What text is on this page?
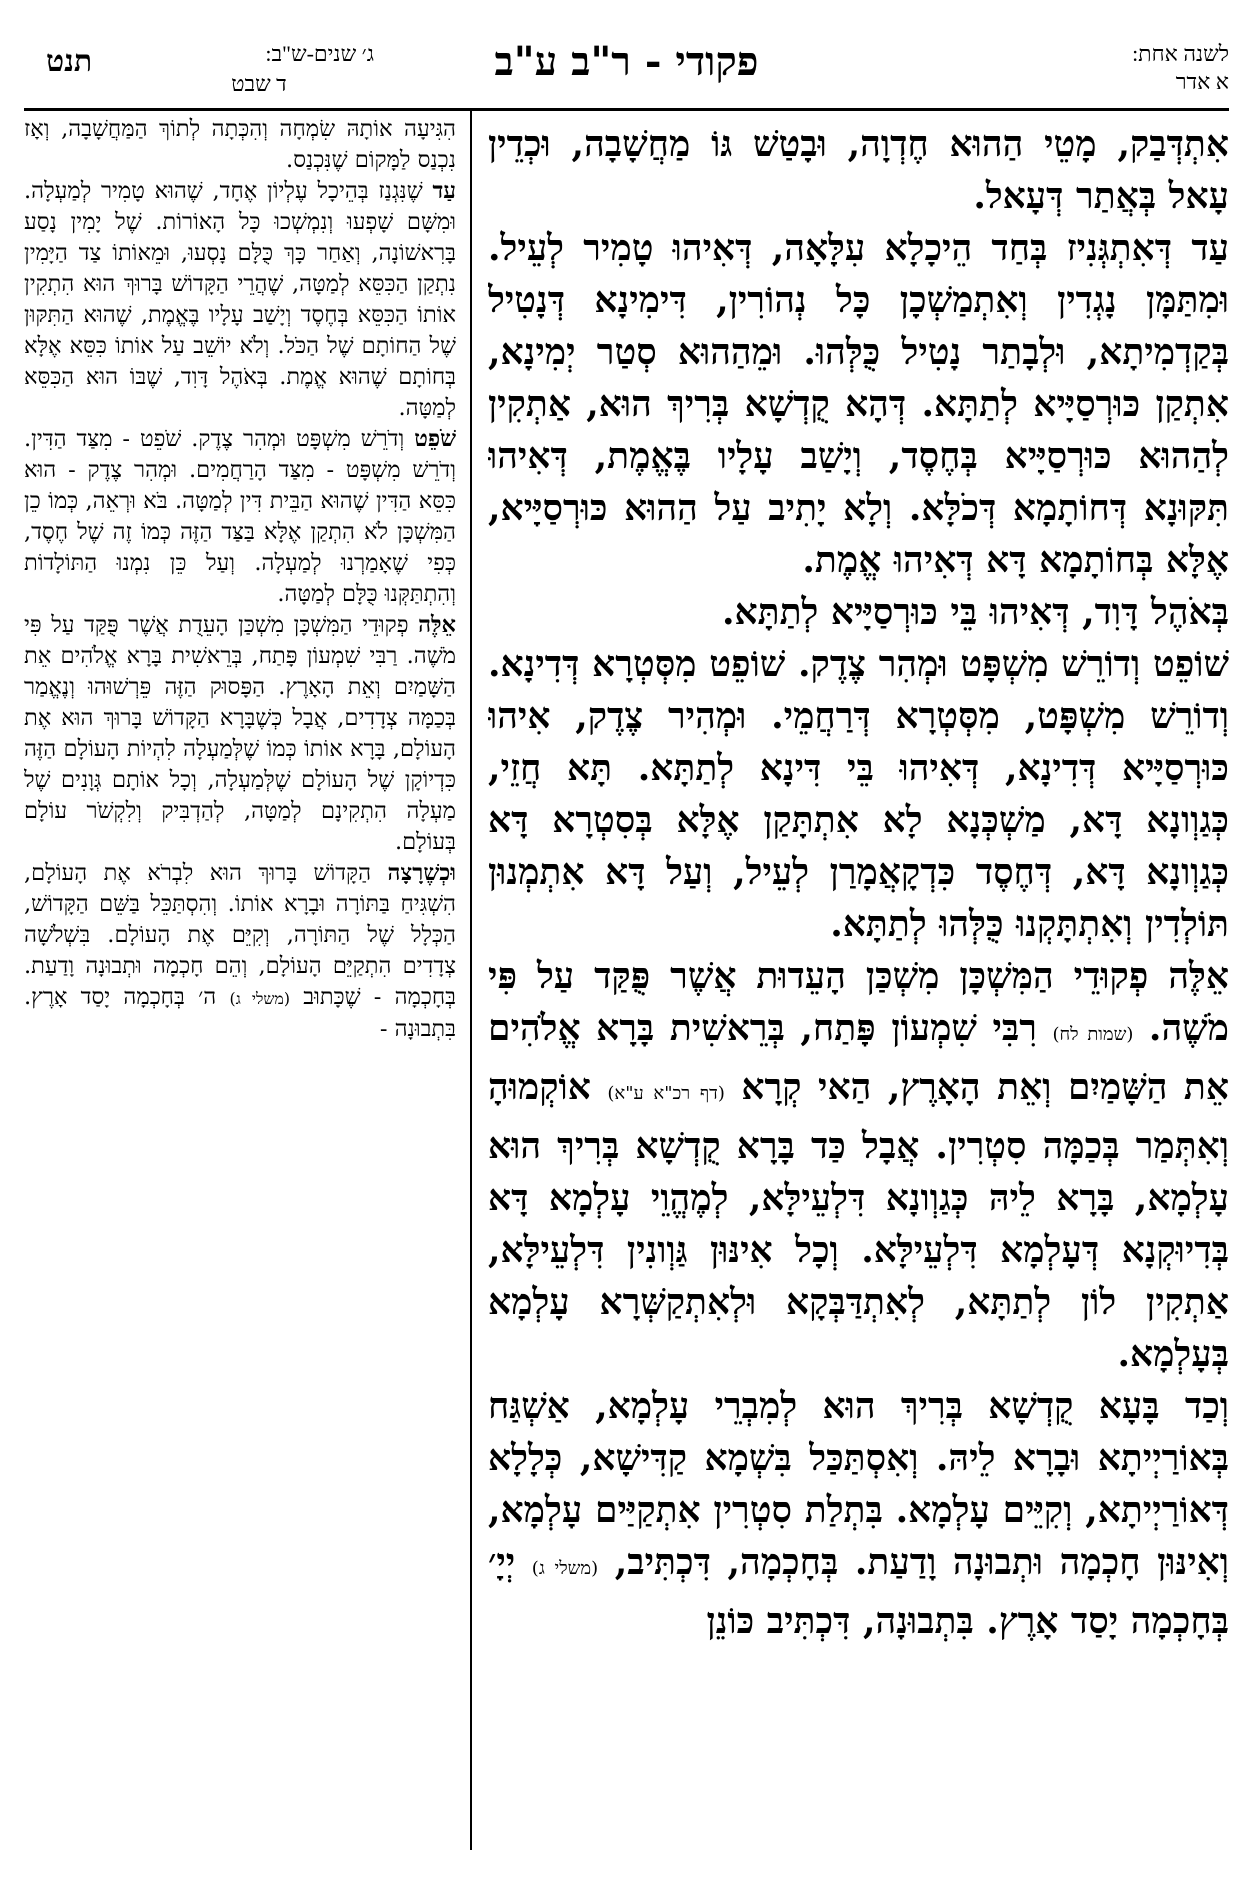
לשנה אחת:
א אדר
פקודי - ר"ב ע"ב
ג׳ שנים-ש"ב:
ד שבט
תנט

אִתְדְּבַק, מָטֵי הַהוּא חֶדְוָה, וּבָטַשׁ גּוֹ מַחֲשָׁבָה, וּכְדֵין עָאל בְּאֲתַר דְּעָאל.

עַד דְּאִתְגְּנִיז בְּחַד הֵיכָלָא עִלָּאָה, דְּאִיהוּ טָמִיר לְעֵיל. וּמִתַּמָּן נָגְדִין וְאִתְמַשְׁכָן כָּל נְהוֹרִין, דִּימִינָא דְּנָטִיל בְּקַדְמִיתָא, וּלְבָתַר נָטִיל כֻּלְּהוּ. וּמֵהַהוּא סְטַר יְמִינָא, אִתְקַן כּוּרְסַיָּיא לְתַתָּא. דְּהָא קֻדְשָׁא בְּרִיךְ הוּא, אַתְקִין לְהַהוּא כּוּרְסַיָּיא בְּחֶסֶד, וְיָשַׁב עָלָיו בֶּאֱמֶת, דְּאִיהוּ תִּקּוּנָא דְּחוֹתָמָא דְּכֹלָּא. וְלָא יָתִיב עַל הַהוּא כּוּרְסַיָּיא, אֶלָּא בְּחוֹתָמָא דָּא דְּאִיהוּ אֱמֶת.

בְּאֹהֶל דָּוִד, דְּאִיהוּ בֵּי כּוּרְסַיָּיא לְתַתָּא.

שׁוֹפֵט וְדוֹרֵשׁ מִשְׁפָּט וּמְהִר צֶדֶק. שׁוֹפֵט מִסְּטְרָא דְּדִינָא. וְדוֹרֵשׁ מִשְׁפָּט, מִסְּטְרָא דְּרַחֲמֵי. וּמְהִיר צֶדֶק, אִיהוּ כּוּרְסַיָּיא דְּדִינָא, דְּאִיהוּ בֵּי דִּינָא לְתַתָּא. תָּא חֲזֵי, כְּגַוְונָא דָּא, מַשְׁכְּנָא לָא אִתְתָּקַן אֶלָּא בְּסִטְרָא דָּא כְּגַוְונָא דָּא, דְּחֶסֶד כִּדְקָאֲמָרַן לְעֵיל, וְעַל דָּא אִתְמְנוּן תּוֹלְדִין וְאִתְתָּקְנוּ כֻּלְּהוּ לְתַתָּא.

אֵלֶּה פְקוּדֵי הַמִּשְׁכָּן מִשְׁכַּן הָעֵדוּת אֲשֶׁר פֻּקַּד עַל פִּי מֹשֶׁה. (שמות לח) רִבִּי שִׁמְעוֹן פָּתַח, בְּרֵאשִׁית בָּרָא אֱלֹהִים אֵת הַשָּׁמַיִם וְאֵת הָאָרֶץ, הַאי קְרָא (דף רכ"א ע"א) אוֹקְמוּהָ וְאִתְּמַר בְּכַמָּה סִטְרִין. אֲבָל כַּד בָּרָא קֻדְשָׁא בְּרִיךְ הוּא עָלְמָא, בָּרָא לֵיהּ כְּגַוְונָא דִּלְעֵילָּא, לְמֶהֱוֵי עָלְמָא דָּא בְּדִיוּקְנָא דְּעָלְמָא דִּלְעֵילָּא. וְכָל אִינּוּן גַּוְונִין דִּלְעֵילָּא, אַתְקִין לוֹן לְתַתָּא, לְאִתְדַּבְּקָא וּלְאִתְקַשְּׁרָא עָלְמָא בְּעָלְמָא.

וְכַד בָּעָא קֻדְשָׁא בְּרִיךְ הוּא לְמִבְרֵי עָלְמָא, אַשְׁגַּח בְּאוֹרַיְיתָא וּבָרָא לֵיהּ. וְאִסְתַּכַּל בִּשְׁמָא קַדִּישָׁא, כְּלָלָא דְּאוֹרַיְיתָא, וְקִיֵּים עָלְמָא. בִּתְלַת סִטְרִין אִתְקַיַּים עָלְמָא, וְאִינּוּן חָכְמָה וּתְבוּנָה וָדַעַת. בְּחָכְמָה, דִּכְתִּיב, (משלי ג) יְיָ׳ בְּחָכְמָה יָסַד אָרֶץ. בִּתְבוּנָה, דִּכְתִּיב כּוֹנֵן

הִגִּיעָה אוֹתָהּ שִׂמְחָה וְהִכְּתָה לְתוֹךְ הַמַּחֲשָׁבָה, וְאָז נִכְנַס לַמָּקוֹם שֶׁנִּכְנַס.

עַד שֶׁנִּגְנַז בְּהֵיכָל עֶלְיוֹן אֶחָד, שֶׁהוּא טָמִיר לְמַעְלָה. וּמִשָּׁם שָׁפְעוּ וְנִמְשְׁכוּ כָּל הָאוֹרוֹת. שֶׁל יָמִין נָסַע בָּרִאשׁוֹנָה, וְאַחַר כָּךְ כֻּלָּם נָסְעוּ, וּמֵאוֹתוֹ צַד הַיָּמִין נִתְקַן הַכִּסֵּא לְמַטָּה, שֶׁהֲרֵי הַקָּדוֹשׁ בָּרוּךְ הוּא הִתְקִין אוֹתוֹ הַכִּסֵּא בְּחֶסֶד וְיָשַׁב עָלָיו בֶּאֱמֶת, שֶׁהוּא הַתִּקּוּן שֶׁל הַחוֹתָם שֶׁל הַכֹּל. וְלֹא יוֹשֵׁב עַל אוֹתוֹ כִּסֵּא אֶלָּא בְּחוֹתָם שֶׁהוּא אֱמֶת. בְּאֹהֶל דָּוִד, שֶׁבּוֹ הוּא הַכִּסֵּא לְמַטָּה.

שֹׁפֵט וְדֹרֵשׁ מִשְׁפָּט וּמְהִר צֶדֶק. שֹׁפֵט - מִצַּד הַדִּין. וְדֹרֵשׁ מִשְׁפָּט - מִצַּד הָרַחֲמִים. וּמְהִר צֶדֶק - הוּא כִּסֵּא הַדִּין שֶׁהוּא הַבֵּית דִּין לְמַטָּה. בֹּא וּרְאֵה, כְּמוֹ כֵן הַמִּשְׁכָּן לֹא הִתְקַן אֶלָּא בַּצַּד הַזֶּה כְּמוֹ זֶה שֶׁל חֶסֶד, כְּפִי שֶׁאָמַרְנוּ לְמַעְלָה. וְעַל כֵּן נִמְנוּ הַתּוֹלָדוֹת וְהִתְתַּקְּנוּ כֻּלָּם לְמַטָּה.

אֵלֶּה פְקוּדֵי הַמִּשְׁכָּן מִשְׁכַּן הָעֵדֻת אֲשֶׁר פֻּקַּד עַל פִּי מֹשֶׁה. רַבִּי שִׁמְעוֹן פָּתַח, בְּרֵאשִׁית בָּרָא אֱלֹהִים אֵת הַשָּׁמַיִם וְאֵת הָאָרֶץ. הַפָּסוּק הַזֶּה פֵּרְשׁוּהוּ וְנֶאֱמַר בְּכַמָּה צְדָדִים, אֲבָל כְּשֶׁבָּרָא הַקָּדוֹשׁ בָּרוּךְ הוּא אֶת הָעוֹלָם, בָּרָא אוֹתוֹ כְּמוֹ שֶׁלְּמַעְלָה לִהְיוֹת הָעוֹלָם הַזֶּה כִּדְיוֹקָן שֶׁל הָעוֹלָם שֶׁלְּמַעְלָה, וְכָל אוֹתָם גְּוָנִים שֶׁל מַעְלָה הִתְקִינָם לְמַטָּה, לְהַדְבִּיק וְלִקְשֹׁר עוֹלָם בְּעוֹלָם.

וּכְשֶׁרָצָה הַקָּדוֹשׁ בָּרוּךְ הוּא לִבְרֹא אֶת הָעוֹלָם, הִשְׁגִּיחַ בַּתּוֹרָה וּבָרָא אוֹתוֹ. וְהִסְתַּכֵּל בַּשֵּׁם הַקָּדוֹשׁ, הַכְּלָל שֶׁל הַתּוֹרָה, וְקִיֵּם אֶת הָעוֹלָם. בִּשְׁלֹשָׁה צְדָדִים הִתְקַיֵּם הָעוֹלָם, וְהֵם חָכְמָה וּתְבוּנָה וָדַעַת. בְּחָכְמָה - שֶׁכָּתוּב (משלי ג) ה׳ בְּחָכְמָה יָסַד אָרֶץ. בִּתְבוּנָה -
